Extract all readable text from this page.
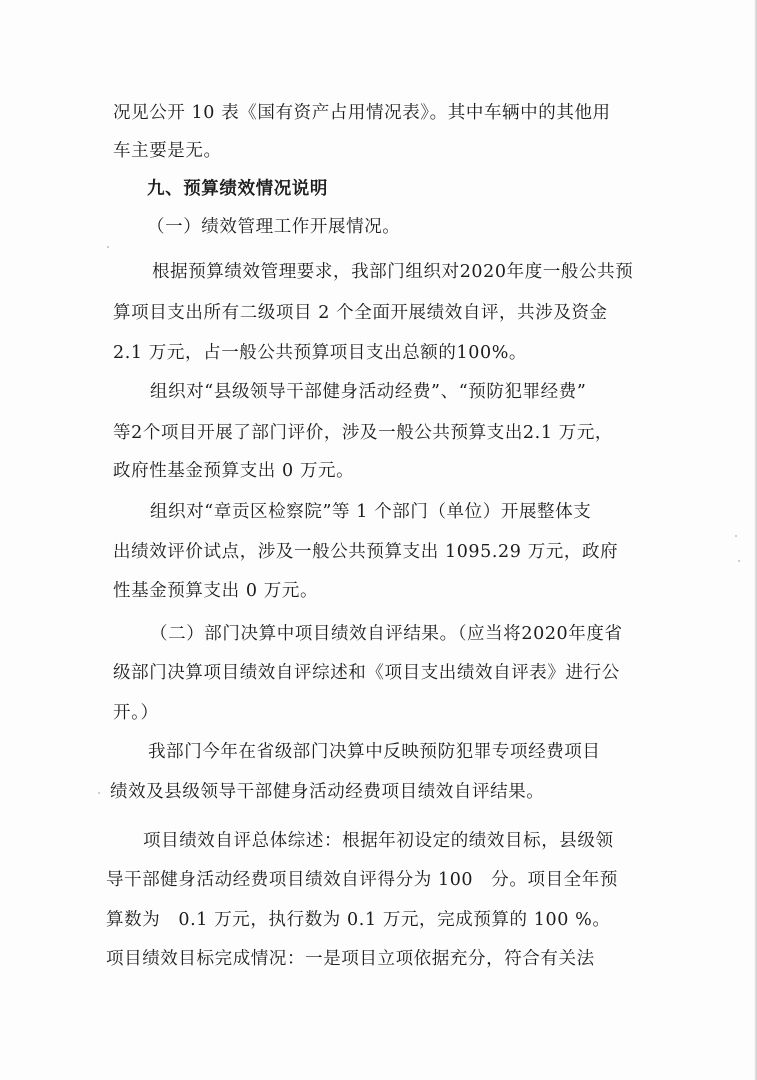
况见公开 10 表《国有资产占用情况表》。其中车辆中的其他用
车主要是无。
九、预算绩效情况说明
（一）绩效管理工作开展情况。
根据预算绩效管理要求，我部门组织对2020年度一般公共预
算项目支出所有二级项目 2 个全面开展绩效自评，共涉及资金
2.1 万元，占一般公共预算项目支出总额的100%。
组织对“县级领导干部健身活动经费”、“预防犯罪经费”
等2个项目开展了部门评价，涉及一般公共预算支出2.1 万元，
政府性基金预算支出 0 万元。
组织对“章贡区检察院”等 1 个部门（单位）开展整体支
出绩效评价试点，涉及一般公共预算支出 1095.29 万元，政府
性基金预算支出 0 万元。
（二）部门决算中项目绩效自评结果。（应当将2020年度省
级部门决算项目绩效自评综述和《项目支出绩效自评表》进行公
开。）
我部门今年在省级部门决算中反映预防犯罪专项经费项目
绩效及县级领导干部健身活动经费项目绩效自评结果。
项目绩效自评总体综述：根据年初设定的绩效目标，县级领
导干部健身活动经费项目绩效自评得分为 100　分。项目全年预
算数为　0.1 万元，执行数为 0.1 万元，完成预算的 100 %。
项目绩效目标完成情况：一是项目立项依据充分，符合有关法
